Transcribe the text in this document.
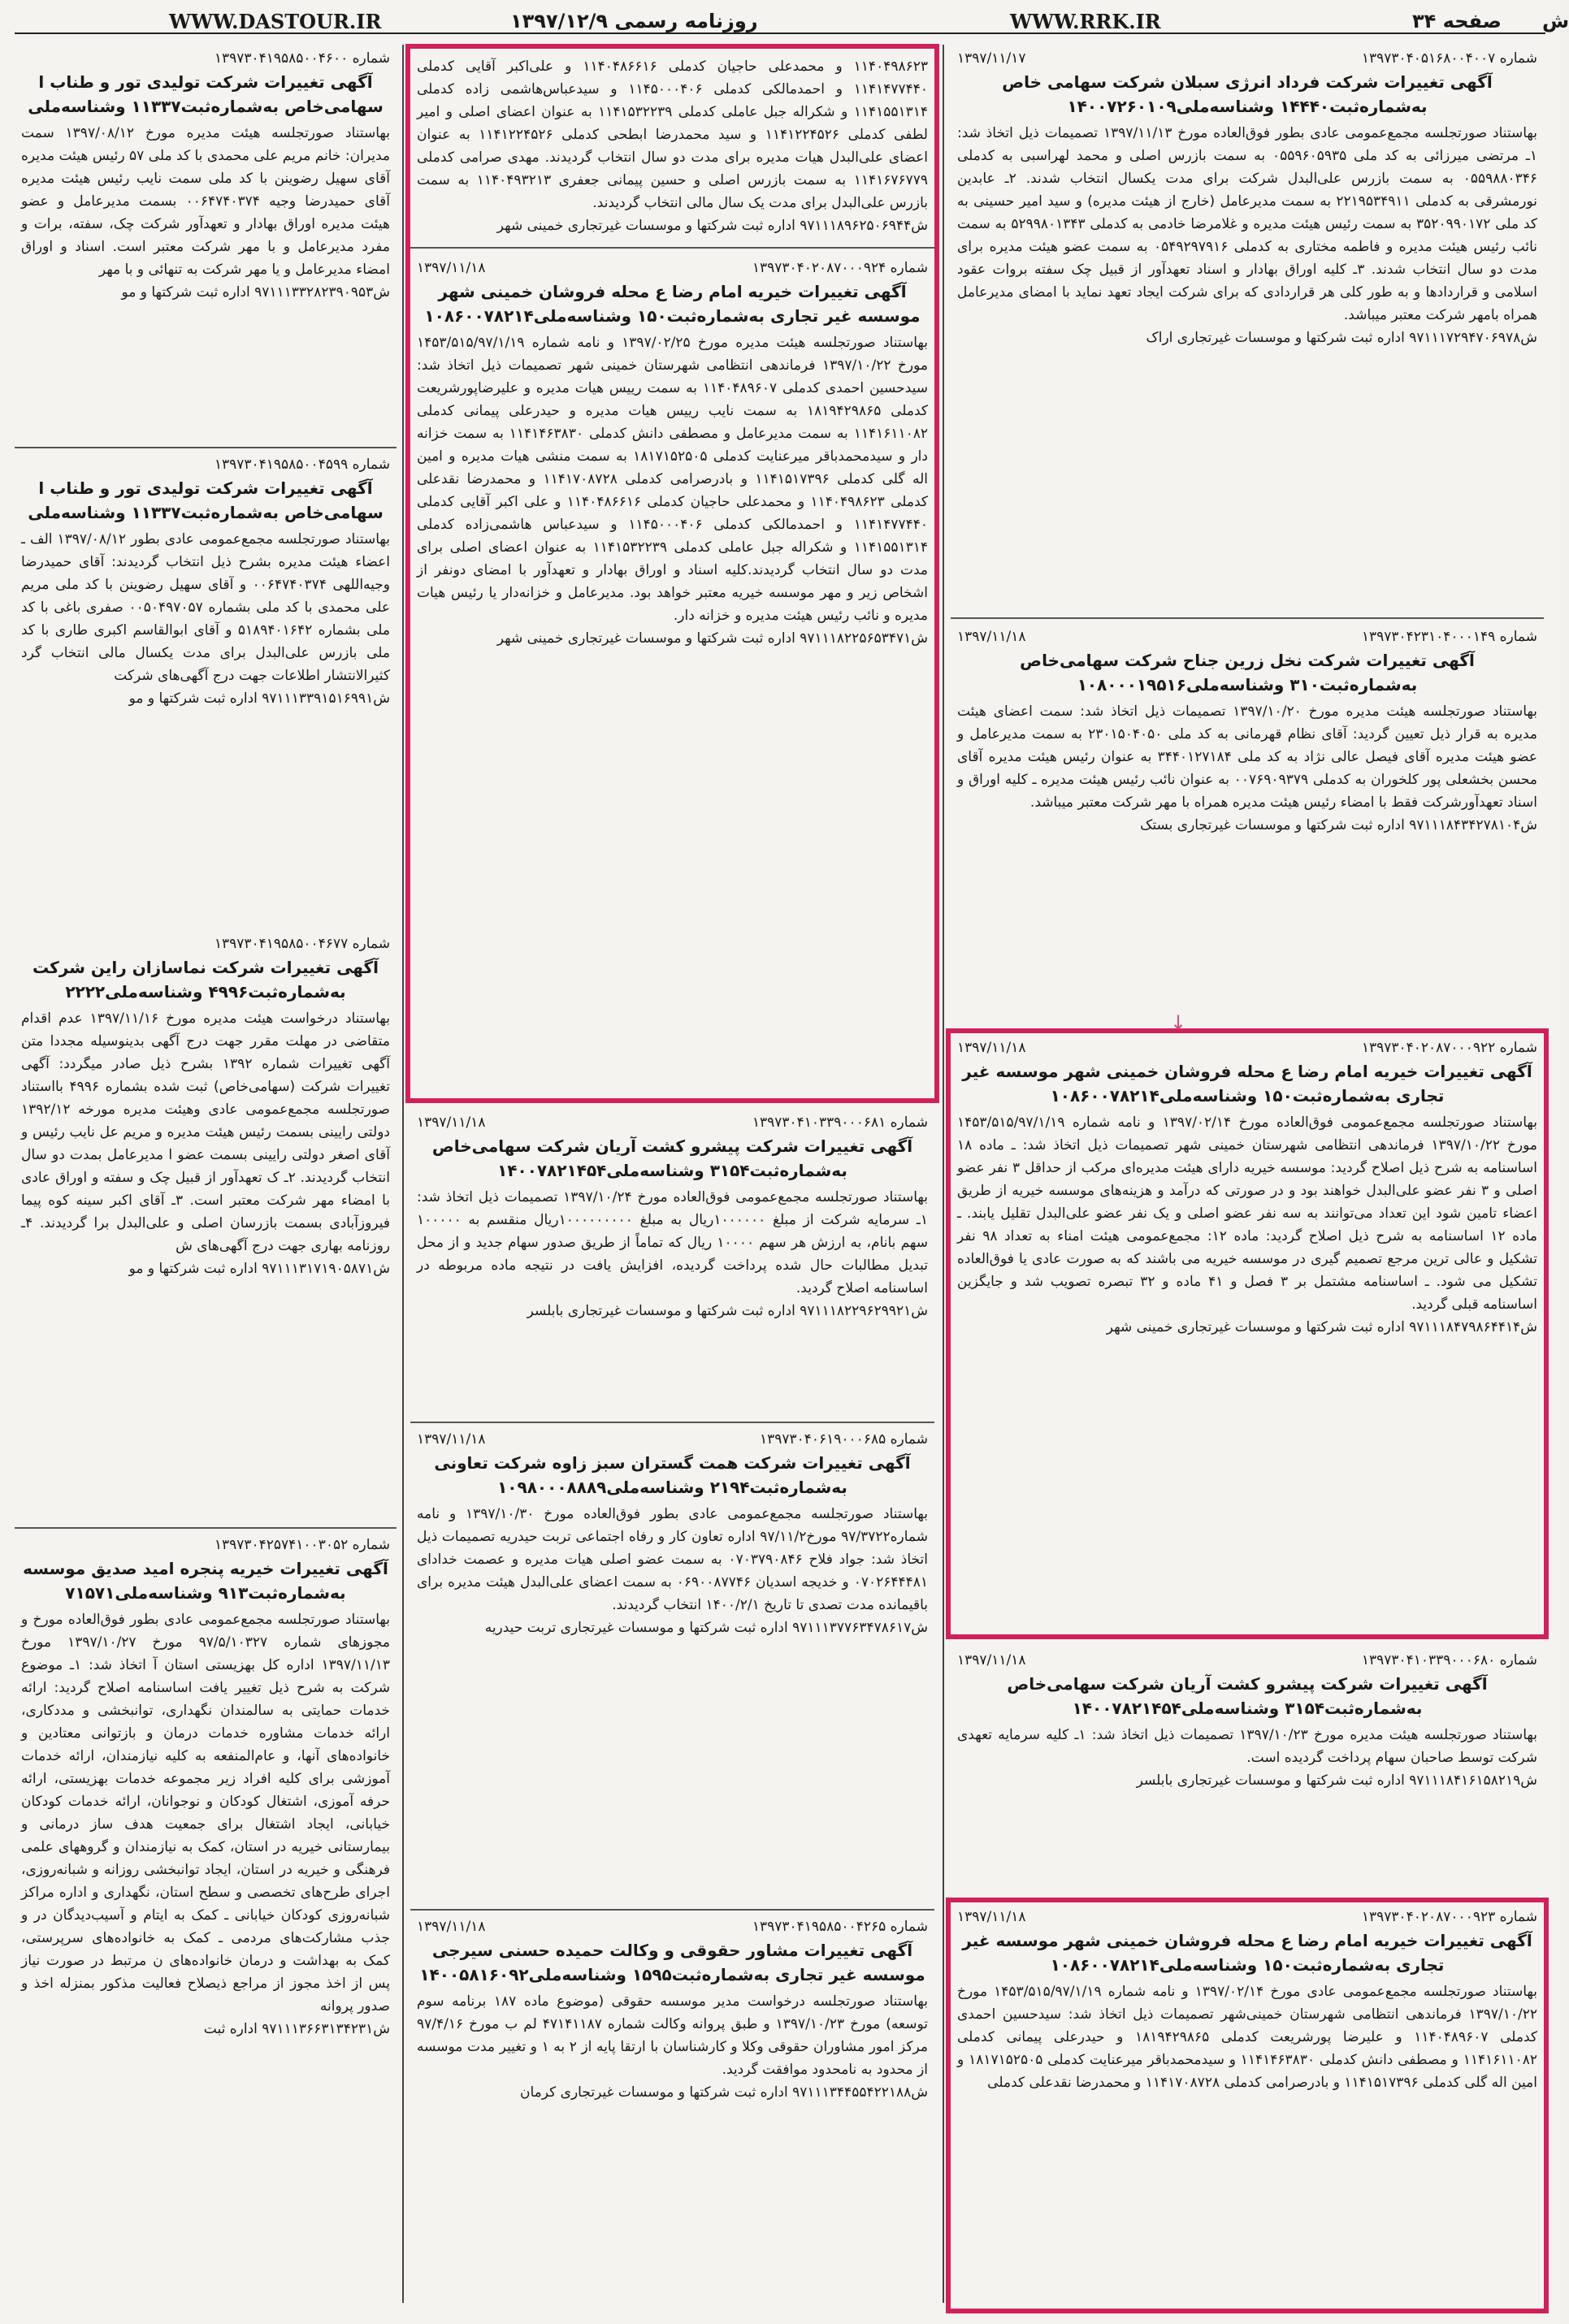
WWW.DASTOUR.IR	روزنامه رسمی ۱۳۹۷/۱۲/۹	WWW.RRK.IR	صفحه ۳۴ ش
شماره ۱۳۹۷۳۰۴۰۵۱۶۸۰۰۴۰۰۷
۱۳۹۷/۱۱/۱۷
آگهی تغییرات شرکت فرداد انرژی سبلان شرکت سهامی خاص به‌شماره‌ثبت۱۴۴۴۰ وشناسه‌ملی۱۴۰۰۷۲۶۰۱۰۹
بهاستناد صورتجلسه مجمع‌عمومی عادی بطور فوق‌العاده مورخ ۱۳۹۷/۱۱/۱۳ تصمیمات ذیل اتخاذ شد: ۱ـ مرتضی میرزائی به کد ملی ۰۵۵۹۶۰۵۹۳۵ به سمت بازرس اصلی و محمد لهراسبی به کدملی ۰۵۵۹۸۸۰۳۴۶ به سمت بازرس علی‌البدل شرکت برای مدت یکسال انتخاب شدند. ۲ـ عابدین نورمشرقی به کدملی ۲۲۱۹۵۳۴۹۱۱ به سمت مدیرعامل (خارج از هیئت مدیره) و سید امیر حسینی به کد ملی ۳۵۲۰۹۹۰۱۷۲ به سمت رئیس هیئت مدیره و غلامرضا خادمی به کدملی ۵۲۹۹۸۰۱۳۴۳ به سمت نائب رئیس هیئت مدیره و فاطمه مختاری به کدملی ۰۵۴۹۲۹۷۹۱۶ به سمت عضو هیئت مدیره برای مدت دو سال انتخاب شدند. ۳ـ کلیه اوراق بهادار و اسناد تعهدآور از قبیل چک سفته بروات عقود اسلامی و قراردادها و به طور کلی هر قراردادی که برای شرکت ایجاد تعهد نماید با امضای مدیرعامل همراه بامهر شرکت معتبر میباشد.
ش۹۷۱۱۱۷۲۹۴۷۰۶۹۷۸ اداره ثبت شرکتها و موسسات غیرتجاری اراک
شماره ۱۳۹۷۳۰۴۲۳۱۰۴۰۰۰۱۴۹
۱۳۹۷/۱۱/۱۸
آگهی تغییرات شرکت نخل زرین جناح شرکت سهامی‌خاص به‌شماره‌ثبت۳۱۰ وشناسه‌ملی۱۰۸۰۰۰۱۹۵۱۶
بهاستناد صورتجلسه هیئت مدیره مورخ ۱۳۹۷/۱۰/۲۰ تصمیمات ذیل اتخاذ شد: سمت اعضای هیئت مدیره به قرار ذیل تعیین گردید: آقای نظام قهرمانی به کد ملی ۲۳۰۱۵۰۴۰۵۰ به سمت مدیرعامل و عضو هیئت مدیره آقای فیصل عالی نژاد به کد ملی ۳۴۴۰۱۲۷۱۸۴ به عنوان رئیس هیئت مدیره آقای محسن بخشعلی پور کلخوران به کدملی ۰۰۷۶۹۰۹۳۷۹ به عنوان نائب رئیس هیئت مدیره ـ کلیه اوراق و اسناد تعهدآورشرکت فقط با امضاء رئیس هیئت مدیره همراه با مهر شرکت معتبر میباشد.
ش۹۷۱۱۱۸۴۳۴۲۷۸۱۰۴ اداره ثبت شرکتها و موسسات غیرتجاری بستک
شماره ۱۳۹۷۳۰۴۰۲۰۸۷۰۰۰۹۲۲
۱۳۹۷/۱۱/۱۸
آگهی تغییرات خیریه امام رضا ع محله فروشان خمینی شهر موسسه غیر تجاری به‌شماره‌ثبت۱۵۰ وشناسه‌ملی۱۰۸۶۰۰۷۸۲۱۴
بهاستناد صورتجلسه مجمع‌عمومی فوق‌العاده مورخ ۱۳۹۷/۰۲/۱۴ و نامه شماره ۱۴۵۳/۵۱۵/۹۷/۱/۱۹ مورخ ۱۳۹۷/۱۰/۲۲ فرماندهی انتظامی شهرستان خمینی شهر تصمیمات ذیل اتخاذ شد: ـ ماده ۱۸ اساسنامه به شرح ذیل اصلاح گردید: موسسه خیریه دارای هیئت مدیره‌ای مرکب از حداقل ۳ نفر عضو اصلی و ۳ نفر عضو علی‌البدل خواهند بود و در صورتی که درآمد و هزینه‌های موسسه خیریه از طریق اعضاء تامین شود این تعداد می‌توانند به سه نفر عضو اصلی و یک نفر عضو علی‌البدل تقلیل یابند. ـ ماده ۱۲ اساسنامه به شرح ذیل اصلاح گردید: ماده ۱۲: مجمع‌عمومی هیئت امناء به تعداد ۹۸ نفر تشکیل و عالی ترین مرجع تصمیم گیری در موسسه خیریه می باشند که به صورت عادی یا فوق‌العاده تشکیل می شود. ـ اساسنامه مشتمل بر ۳ فصل و ۴۱ ماده و ۳۲ تبصره تصویب شد و جایگزین اساسنامه قبلی گردید.
ش۹۷۱۱۱۸۴۷۹۸۶۴۴۱۴ اداره ثبت شرکتها و موسسات غیرتجاری خمینی شهر
شماره ۱۳۹۷۳۰۴۱۰۳۳۹۰۰۰۶۸۰
۱۳۹۷/۱۱/۱۸
آگهی تغییرات شرکت پیشرو کشت آریان شرکت سهامی‌خاص به‌شماره‌ثبت۳۱۵۴ وشناسه‌ملی۱۴۰۰۷۸۲۱۴۵۴
بهاستناد صورتجلسه هیئت مدیره مورخ ۱۳۹۷/۱۰/۲۳ تصمیمات ذیل اتخاذ شد: ۱ـ کلیه سرمایه تعهدی شرکت توسط صاحبان سهام پرداخت گردیده است.
ش۹۷۱۱۱۸۴۱۶۱۵۸۲۱۹ اداره ثبت شرکتها و موسسات غیرتجاری بابلسر
شماره ۱۳۹۷۳۰۴۰۲۰۸۷۰۰۰۹۲۳
۱۳۹۷/۱۱/۱۸
آگهی تغییرات خیریه امام رضا ع محله فروشان خمینی شهر موسسه غیر تجاری به‌شماره‌ثبت۱۵۰ وشناسه‌ملی۱۰۸۶۰۰۷۸۲۱۴
بهاستناد صورتجلسه مجمع‌عمومی عادی مورخ ۱۳۹۷/۰۲/۱۴ و نامه شماره ۱۴۵۳/۵۱۵/۹۷/۱/۱۹ مورخ ۱۳۹۷/۱۰/۲۲ فرماندهی انتظامی شهرستان خمینی‌شهر تصمیمات ذیل اتخاذ شد: سیدحسین احمدی کدملی ۱۱۴۰۴۸۹۶۰۷ و علیرضا پورشریعت کدملی ۱۸۱۹۴۲۹۸۶۵ و حیدرعلی پیمانی کدملی ۱۱۴۱۶۱۱۰۸۲ و مصطفی دانش کدملی ۱۱۴۱۴۶۳۸۳۰ و سیدمحمدباقر میرعنایت کدملی ۱۸۱۷۱۵۲۵۰۵ و امین اله گلی کدملی ۱۱۴۱۵۱۷۳۹۶ و بادرصرامی کدملی ۱۱۴۱۷۰۸۷۲۸ و محمدرضا نقدعلی کدملی
۱۱۴۰۴۹۸۶۲۳ و محمدعلی حاجیان کدملی ۱۱۴۰۴۸۶۶۱۶ و علی‌اکبر آقایی کدملی ۱۱۴۱۴۷۷۴۴۰ و احمدمالکی کدملی ۱۱۴۵۰۰۰۴۰۶ و سیدعباس‌هاشمی زاده کدملی ۱۱۴۱۵۵۱۳۱۴ و شکراله جبل عاملی کدملی ۱۱۴۱۵۳۲۲۳۹ به عنوان اعضای اصلی و امیر لطفی کدملی ۱۱۴۱۲۲۴۵۲۶ و سید محمدرضا ابطحی کدملی ۱۱۴۱۲۲۴۵۲۶ به عنوان اعضای علی‌البدل هیات مدیره برای مدت دو سال انتخاب گردیدند. مهدی صرامی کدملی ۱۱۴۱۶۷۶۷۷۹ به سمت بازرس اصلی و حسین پیمانی جعفری ۱۱۴۰۴۹۳۲۱۳ به سمت بازرس علی‌البدل برای مدت یک سال مالی انتخاب گردیدند.
ش۹۷۱۱۱۸۹۶۲۵۰۶۹۴۴ اداره ثبت شرکتها و موسسات غیرتجاری خمینی شهر
شماره ۱۳۹۷۳۰۴۰۲۰۸۷۰۰۰۹۲۴
۱۳۹۷/۱۱/۱۸
آگهی تغییرات خیریه امام رضا ع محله فروشان خمینی شهر موسسه غیر تجاری به‌شماره‌ثبت۱۵۰ وشناسه‌ملی۱۰۸۶۰۰۷۸۲۱۴
بهاستناد صورتجلسه هیئت مدیره مورخ ۱۳۹۷/۰۲/۲۵ و نامه شماره ۱۴۵۳/۵۱۵/۹۷/۱/۱۹ مورخ ۱۳۹۷/۱۰/۲۲ فرماندهی انتظامی شهرستان خمینی شهر تصمیمات ذیل اتخاذ شد: سیدحسین احمدی کدملی ۱۱۴۰۴۸۹۶۰۷ به سمت رییس هیات مدیره و علیرضاپورشریعت کدملی ۱۸۱۹۴۲۹۸۶۵ به سمت نایب رییس هیات مدیره و حیدرعلی پیمانی کدملی ۱۱۴۱۶۱۱۰۸۲ به سمت مدیرعامل و مصطفی دانش کدملی ۱۱۴۱۴۶۳۸۳۰ به سمت خزانه دار و سیدمحمدباقر میرعنایت کدملی ۱۸۱۷۱۵۲۵۰۵ به سمت منشی هیات مدیره و امین اله گلی کدملی ۱۱۴۱۵۱۷۳۹۶ و بادرصرامی کدملی ۱۱۴۱۷۰۸۷۲۸ و محمدرضا نقدعلی کدملی ۱۱۴۰۴۹۸۶۲۳ و محمدعلی حاجیان کدملی ۱۱۴۰۴۸۶۶۱۶ و علی اکبر آقایی کدملی ۱۱۴۱۴۷۷۴۴۰ و احمدمالکی کدملی ۱۱۴۵۰۰۰۴۰۶ و سیدعباس هاشمی‌زاده کدملی ۱۱۴۱۵۵۱۳۱۴ و شکراله جبل عاملی کدملی ۱۱۴۱۵۳۲۲۳۹ به عنوان اعضای اصلی برای مدت دو سال انتخاب گردیدند.کلیه اسناد و اوراق بهادار و تعهدآور با امضای دونفر از اشخاص زیر و مهر موسسه خیریه معتبر خواهد بود. مدیرعامل و خزانه‌دار یا رئیس هیات مدیره و نائب رئیس هیئت مدیره و خزانه دار.
ش۹۷۱۱۱۸۲۲۵۶۵۳۴۷۱ اداره ثبت شرکتها و موسسات غیرتجاری خمینی شهر
شماره ۱۳۹۷۳۰۴۱۰۳۳۹۰۰۰۶۸۱
۱۳۹۷/۱۱/۱۸
آگهی تغییرات شرکت پیشرو کشت آریان شرکت سهامی‌خاص به‌شماره‌ثبت۳۱۵۴ وشناسه‌ملی۱۴۰۰۷۸۲۱۴۵۴
بهاستناد صورتجلسه مجمع‌عمومی فوق‌العاده مورخ ۱۳۹۷/۱۰/۲۴ تصمیمات ذیل اتخاذ شد: ۱ـ سرمایه شرکت از مبلغ ۱۰۰۰۰۰۰ریال به مبلغ ۱۰۰۰۰۰۰۰۰۰ریال منقسم به ۱۰۰۰۰۰ سهم بانام، به ارزش هر سهم ۱۰۰۰۰ ریال که تماماً از طریق صدور سهام جدید و از محل تبدیل مطالبات حال شده پرداخت گردیده، افزایش یافت در نتیجه ماده مربوطه در اساسنامه اصلاح گردید.
ش۹۷۱۱۱۸۲۲۹۶۲۹۹۲۱ اداره ثبت شرکتها و موسسات غیرتجاری بابلسر
شماره ۱۳۹۷۳۰۴۰۶۱۹۰۰۰۶۸۵
۱۳۹۷/۱۱/۱۸
آگهی تغییرات شرکت همت گستران سبز زاوه شرکت تعاونی به‌شماره‌ثبت۲۱۹۴ وشناسه‌ملی۱۰۹۸۰۰۰۸۸۸۹
بهاستناد صورتجلسه مجمع‌عمومی عادی بطور فوق‌العاده مورخ ۱۳۹۷/۱۰/۳۰ و نامه شماره۹۷/۳۷۲۲ مورخ۹۷/۱۱/۲ اداره تعاون کار و رفاه اجتماعی تربت حیدریه تصمیمات ذیل اتخاذ شد: جواد فلاح ۰۷۰۳۷۹۰۸۴۶ به سمت عضو اصلی هیات مدیره و عصمت خدادای ۰۷۰۲۶۴۴۴۸۱ و خدیجه اسدیان ۰۶۹۰۰۸۷۷۴۶ به سمت اعضای علی‌البدل هیئت مدیره برای باقیمانده مدت تصدی تا تاریخ ۱۴۰۰/۲/۱ انتخاب گردیدند.
ش۹۷۱۱۱۳۷۷۶۳۴۷۸۶۱۷ اداره ثبت شرکتها و موسسات غیرتجاری تربت حیدریه
شماره ۱۳۹۷۳۰۴۱۹۵۸۵۰۰۴۲۶۵
۱۳۹۷/۱۱/۱۸
آگهی تغییرات مشاور حقوقی و وکالت حمیده حسنی سیرجی موسسه غیر تجاری به‌شماره‌ثبت۱۵۹۵ وشناسه‌ملی۱۴۰۰۵۸۱۶۰۹۲
بهاستناد صورتجلسه درخواست مدیر موسسه حقوقی (موضوع ماده ۱۸۷ برنامه سوم توسعه) مورخ ۱۳۹۷/۱۰/۲۳ و طبق پروانه وکالت شماره ۴۷۱۴۱۱۸۷ لم ب مورخ ۹۷/۴/۱۶ مرکز امور مشاوران حقوقی وکلا و کارشناسان با ارتقا پایه از ۲ به ۱ و تغییر مدت موسسه از محدود به نامحدود موافقت گردید.
ش۹۷۱۱۱۳۴۴۵۵۴۲۲۱۸۸ اداره ثبت شرکتها و موسسات غیرتجاری کرمان
شماره ۱۳۹۷۳۰۴۱۹۵۸۵۰۰۴۶۰۰
آگهی تغییرات شرکت تولیدی تور و طناب ا سهامی‌خاص به‌شماره‌ثبت۱۱۳۳۷ وشناسه‌ملی
بهاستناد صورتجلسه هیئت مدیره مورخ ۱۳۹۷/۰۸/۱۲ سمت مدیران: خانم مریم علی محمدی با کد ملی ۵۷ رئیس هیئت مدیره آقای سهیل رضوینن با کد ملی سمت نایب رئیس هیئت مدیره آقای حمیدرضا وجیه ۰۰۶۴۷۴۰۳۷۴ بسمت مدیرعامل و عضو هیئت مدیره اوراق بهادار و تعهدآور شرکت چک، سفته، برات و مفرد مدیرعامل و با مهر شرکت معتبر است. اسناد و اوراق امضاء مدیرعامل و یا مهر شرکت به تنهائی و با مهر
ش۹۷۱۱۱۳۳۲۸۲۳۹۰۹۵۳ اداره ثبت شرکتها و مو
شماره ۱۳۹۷۳۰۴۱۹۵۸۵۰۰۴۵۹۹
آگهی تغییرات شرکت تولیدی تور و طناب ا سهامی‌خاص به‌شماره‌ثبت۱۱۳۳۷ وشناسه‌ملی
بهاستناد صورتجلسه مجمع‌عمومی عادی بطور ۱۳۹۷/۰۸/۱۲ الف ـ اعضاء هیئت مدیره بشرح ذیل انتخاب گردیدند: آقای حمیدرضا وجیه‌اللهی ۰۰۶۴۷۴۰۳۷۴ و آقای سهیل رضوینن با کد ملی مریم علی محمدی با کد ملی بشماره ۰۰۵۰۴۹۷۰۵۷ صفری باغی با کد ملی بشماره ۵۱۸۹۴۰۱۶۴۲ و آقای ابوالقاسم اکبری طاری با کد ملی بازرس علی‌البدل برای مدت یکسال مالی انتخاب گرد کثیرالانتشار اطلاعات جهت درج آگهی‌های شرکت
ش۹۷۱۱۱۳۳۹۱۵۱۶۹۹۱ اداره ثبت شرکتها و مو
شماره ۱۳۹۷۳۰۴۱۹۵۸۵۰۰۴۶۷۷
آگهی تغییرات شرکت نماسازان راین شرکت به‌شماره‌ثبت۴۹۹۶ وشناسه‌ملی۲۲۲۲
بهاستناد درخواست هیئت مدیره مورخ ۱۳۹۷/۱۱/۱۶ عدم اقدام متقاضی در مهلت مقرر جهت درج آگهی بدینوسیله مجددا متن آگهی تغییرات شماره ۱۳۹۲ بشرح ذیل صادر میگردد: آگهی تغییرات شرکت (سهامی‌خاص) ثبت شده بشماره ۴۹۹۶ بااستناد صورتجلسه مجمع‌عمومی عادی وهیئت مدیره مورخه ۱۳۹۲/۱۲ دولتی رایینی بسمت رئیس هیئت مدیره و مریم عل نایب رئیس و آقای اصغر دولتی رایینی بسمت عضو ا مدیرعامل بمدت دو سال انتخاب گردیدند. ۲ـ ک تعهدآور از قبیل چک و سفته و اوراق عادی با امضاء مهر شرکت معتبر است. ۳ـ آقای اکبر سینه کوه پیما فیروزآبادی بسمت بازرسان اصلی و علی‌البدل برا گردیدند. ۴ـ روزنامه بهاری جهت درج آگهی‌های ش
ش۹۷۱۱۱۳۱۷۱۹۰۵۸۷۱ اداره ثبت شرکتها و مو
شماره ۱۳۹۷۳۰۴۲۵۷۴۱۰۰۳۰۵۲
آگهی تغییرات خیریه پنجره امید صدیق موسسه به‌شماره‌ثبت۹۱۳ وشناسه‌ملی۷۱۵۷۱
بهاستناد صورتجلسه مجمع‌عمومی عادی بطور فوق‌العاده مورخ و مجوزهای شماره ۹۷/۵/۱۰۳۲۷ مورخ ۱۳۹۷/۱۰/۲۷ مورخ ۱۳۹۷/۱۱/۱۳ اداره کل بهزیستی استان آ اتخاذ شد: ۱ـ موضوع شرکت به شرح ذیل تغییر یافت اساسنامه اصلاح گردید: ارائه خدمات حمایتی به سالمندان نگهداری، توانبخشی و مددکاری، ارائه خدمات مشاوره خدمات درمان و بازتوانی معتادین و خانواده‌های آنها، و عام‌المنفعه به کلیه نیازمندان، ارائه خدمات آموزشی برای کلیه افراد زیر مجموعه خدمات بهزیستی، ارائه حرفه آموزی، اشتغال کودکان و نوجوانان، ارائه خدمات کودکان خیابانی، ایجاد اشتغال برای جمعیت هدف ساز درمانی و بیمارستانی خیریه در استان، کمک به نیازمندان و گروههای علمی فرهنگی و خیریه در استان، ایجاد توانبخشی روزانه و شبانه‌روزی، اجرای طرح‌های تخصصی و سطح استان، نگهداری و اداره مراکز شبانه‌روزی کودکان خیابانی ـ کمک به ایتام و آسیب‌دیدگان در و جذب مشارکت‌های مردمی ـ کمک به خانواده‌های سرپرستی، کمک به بهداشت و درمان خانواده‌های ن مرتبط در صورت نیاز پس از اخذ مجوز از مراجع ذیصلاح فعالیت مذکور بمنزله اخذ و صدور پروانه
ش۹۷۱۱۱۳۶۶۳۱۳۴۲۳۱ اداره ثبت
↓
